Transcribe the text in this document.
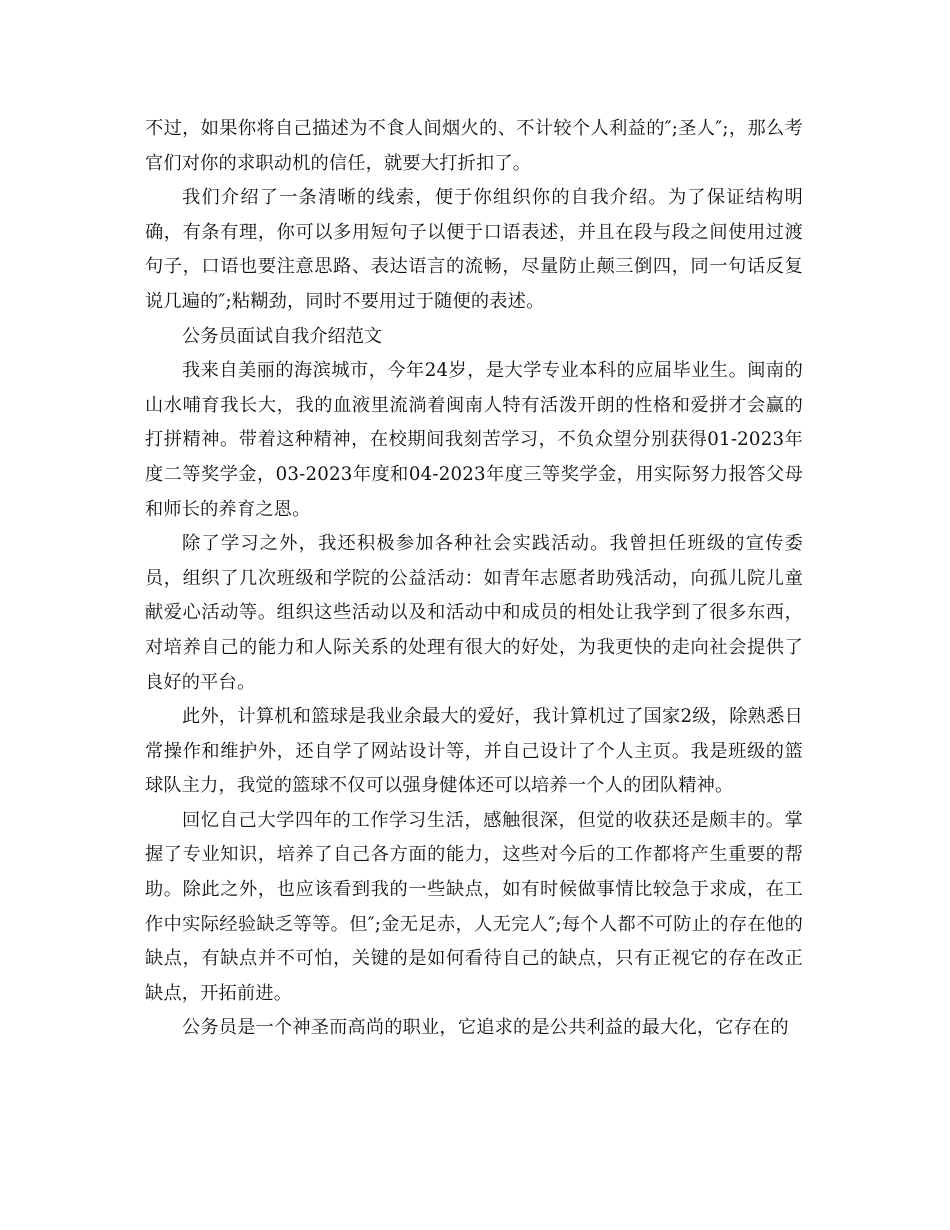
不过，如果你将自己描述为不食人间烟火的、不计较个人利益的″;圣人″;，那么考官们对你的求职动机的信任，就要大打折扣了。

我们介绍了一条清晰的线索，便于你组织你的自我介绍。为了保证结构明确，有条有理，你可以多用短句子以便于口语表述，并且在段与段之间使用过渡句子，口语也要注意思路、表达语言的流畅，尽量防止颠三倒四，同一句话反复说几遍的″;粘糊劲，同时不要用过于随便的表述。

公务员面试自我介绍范文

我来自美丽的海滨城市，今年24岁，是大学专业本科的应届毕业生。闽南的山水哺育我长大，我的血液里流淌着闽南人特有活泼开朗的性格和爱拼才会赢的打拼精神。带着这种精神，在校期间我刻苦学习，不负众望分别获得01-2023年度二等奖学金，03-2023年度和04-2023年度三等奖学金，用实际努力报答父母和师长的养育之恩。

除了学习之外，我还积极参加各种社会实践活动。我曾担任班级的宣传委员，组织了几次班级和学院的公益活动：如青年志愿者助残活动，向孤儿院儿童献爱心活动等。组织这些活动以及和活动中和成员的相处让我学到了很多东西，对培养自己的能力和人际关系的处理有很大的好处，为我更快的走向社会提供了良好的平台。

此外，计算机和篮球是我业余最大的爱好，我计算机过了国家2级，除熟悉日常操作和维护外，还自学了网站设计等，并自己设计了个人主页。我是班级的篮球队主力，我觉的篮球不仅可以强身健体还可以培养一个人的团队精神。

回忆自己大学四年的工作学习生活，感触很深，但觉的收获还是颇丰的。掌握了专业知识，培养了自己各方面的能力，这些对今后的工作都将产生重要的帮助。除此之外，也应该看到我的一些缺点，如有时候做事情比较急于求成，在工作中实际经验缺乏等等。但″;金无足赤，人无完人″;每个人都不可防止的存在他的缺点，有缺点并不可怕，关键的是如何看待自己的缺点，只有正视它的存在改正缺点，开拓前进。

公务员是一个神圣而高尚的职业，它追求的是公共利益的最大化，它存在的
